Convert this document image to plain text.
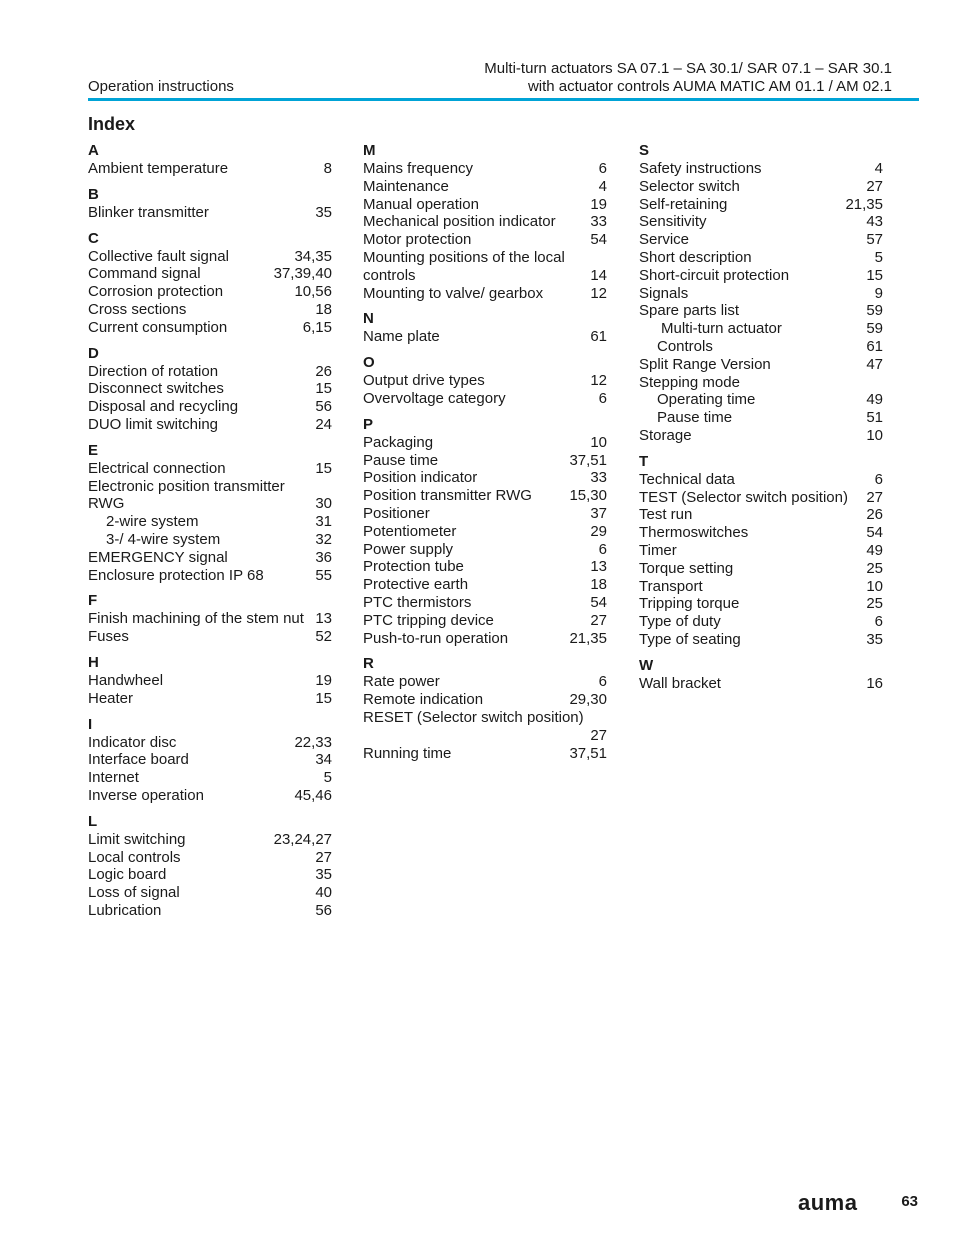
Operation instructions
Multi-turn actuators SA 07.1 – SA 30.1/ SAR 07.1 – SAR 30.1
with actuator controls AUMA MATIC AM 01.1 / AM 02.1
Index
A
Ambient temperature	8
B
Blinker transmitter	35
C
Collective fault signal	34,35
Command signal	37,39,40
Corrosion protection	10,56
Cross sections	18
Current consumption	6,15
D
Direction of rotation	26
Disconnect switches	15
Disposal and recycling	56
DUO limit switching	24
E
Electrical connection	15
Electronic position transmitter RWG	30
2-wire system	31
3-/ 4-wire system	32
EMERGENCY signal	36
Enclosure protection IP 68	55
F
Finish machining of the stem nut 13
Fuses	52
H
Handwheel	19
Heater	15
I
Indicator disc	22,33
Interface board	34
Internet	5
Inverse operation	45,46
L
Limit switching	23,24,27
Local controls	27
Logic board	35
Loss of signal	40
Lubrication	56
M
Mains frequency	6
Maintenance	4
Manual operation	19
Mechanical position indicator	33
Motor protection	54
Mounting positions of the local controls	14
Mounting to valve/ gearbox	12
N
Name plate	61
O
Output drive types	12
Overvoltage category	6
P
Packaging	10
Pause time	37,51
Position indicator	33
Position transmitter RWG	15,30
Positioner	37
Potentiometer	29
Power supply	6
Protection tube	13
Protective earth	18
PTC thermistors	54
PTC tripping device	27
Push-to-run operation	21,35
R
Rate power	6
Remote indication	29,30
RESET (Selector switch position)
27
Running time	37,51
S
Safety instructions	4
Selector switch	27
Self-retaining	21,35
Sensitivity	43
Service	57
Short description	5
Short-circuit protection	15
Signals	9
Spare parts list	59
Multi-turn actuator	59
Controls	61
Split Range Version	47
Stepping mode
Operating time	49
Pause time	51
Storage	10
T
Technical data	6
TEST (Selector switch position)	27
Test run	26
Thermoswitches	54
Timer	49
Torque setting	25
Transport	10
Tripping torque	25
Type of duty	6
Type of seating	35
W
Wall bracket	16
auma	63
